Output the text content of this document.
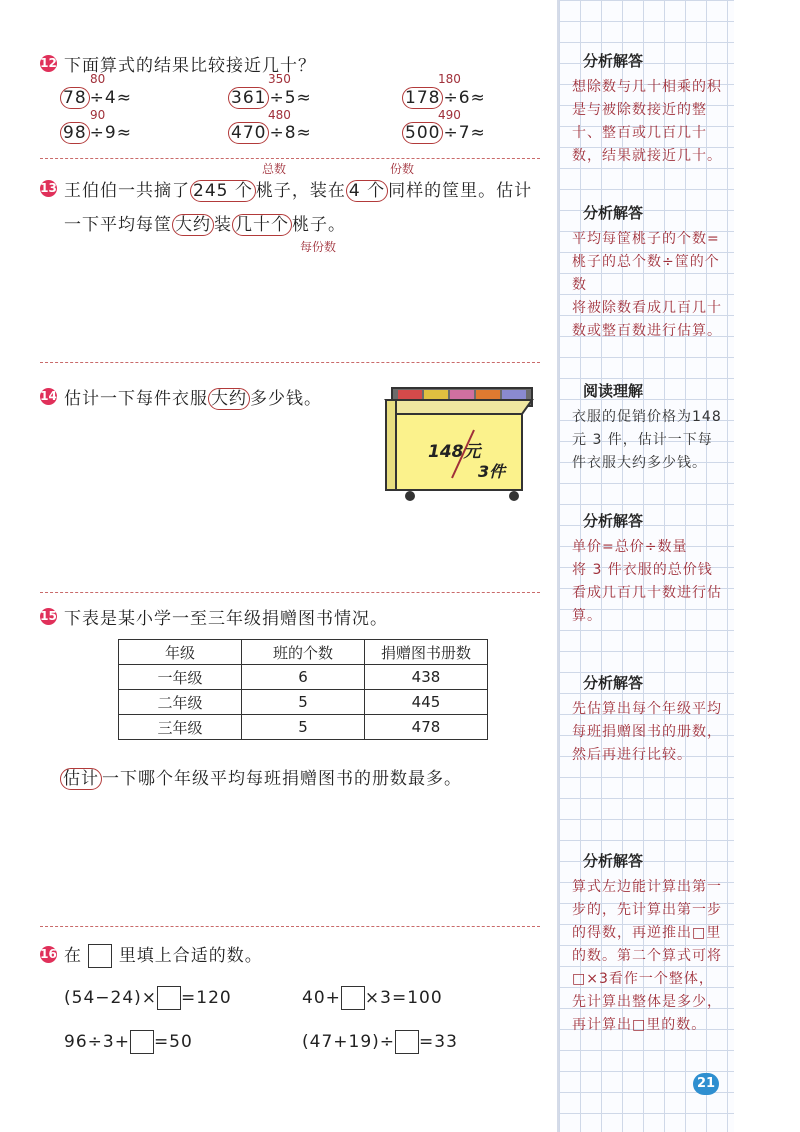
分析解答
想除数与几十相乘的积是与被除数接近的整十、整百或几百几十数，结果就接近几十。
分析解答
平均每筐桃子的个数=桃子的总个数÷筐的个数
将被除数看成几百几十数或整百数进行估算。
阅读理解
衣服的促销价格为148 元 3 件，估计一下每件衣服大约多少钱。
分析解答
单价=总价÷数量
将 3 件衣服的总价钱看成几百几十数进行估算。
分析解答
先估算出每个年级平均每班捐赠图书的册数，然后再进行比较。
分析解答
算式左边能计算出第一步的，先计算出第一步的得数，再逆推出□里的数。第二个算式可将□×3看作一个整体，先计算出整体是多少，再计算出□里的数。
21
12 下面算式的结果比较接近几十？
80
78 ÷4≈
350
361 ÷5≈
180
178 ÷6≈
90
98 ÷9≈
480
470 ÷8≈
490
500 ÷7≈
总数	份数
13 王伯伯一共摘了 245 个 桃子，装在 4 个 同样的筐里。估计
一下平均每筐 大约 装 几十个 桃子。
每份数
14 估计一下每件衣服 大约 多少钱。
148元
3件
15 下表是某小学一至三年级捐赠图书情况。
年级	班的个数	捐赠图书册数
一年级	6	438
二年级	5	445
三年级	5	478
估计 一下哪个年级平均每班捐赠图书的册数最多。
16 在 里填上合适的数。
(54−24)× =120	40+ ×3=100
96÷3+ =50	(47+19)÷ =33
